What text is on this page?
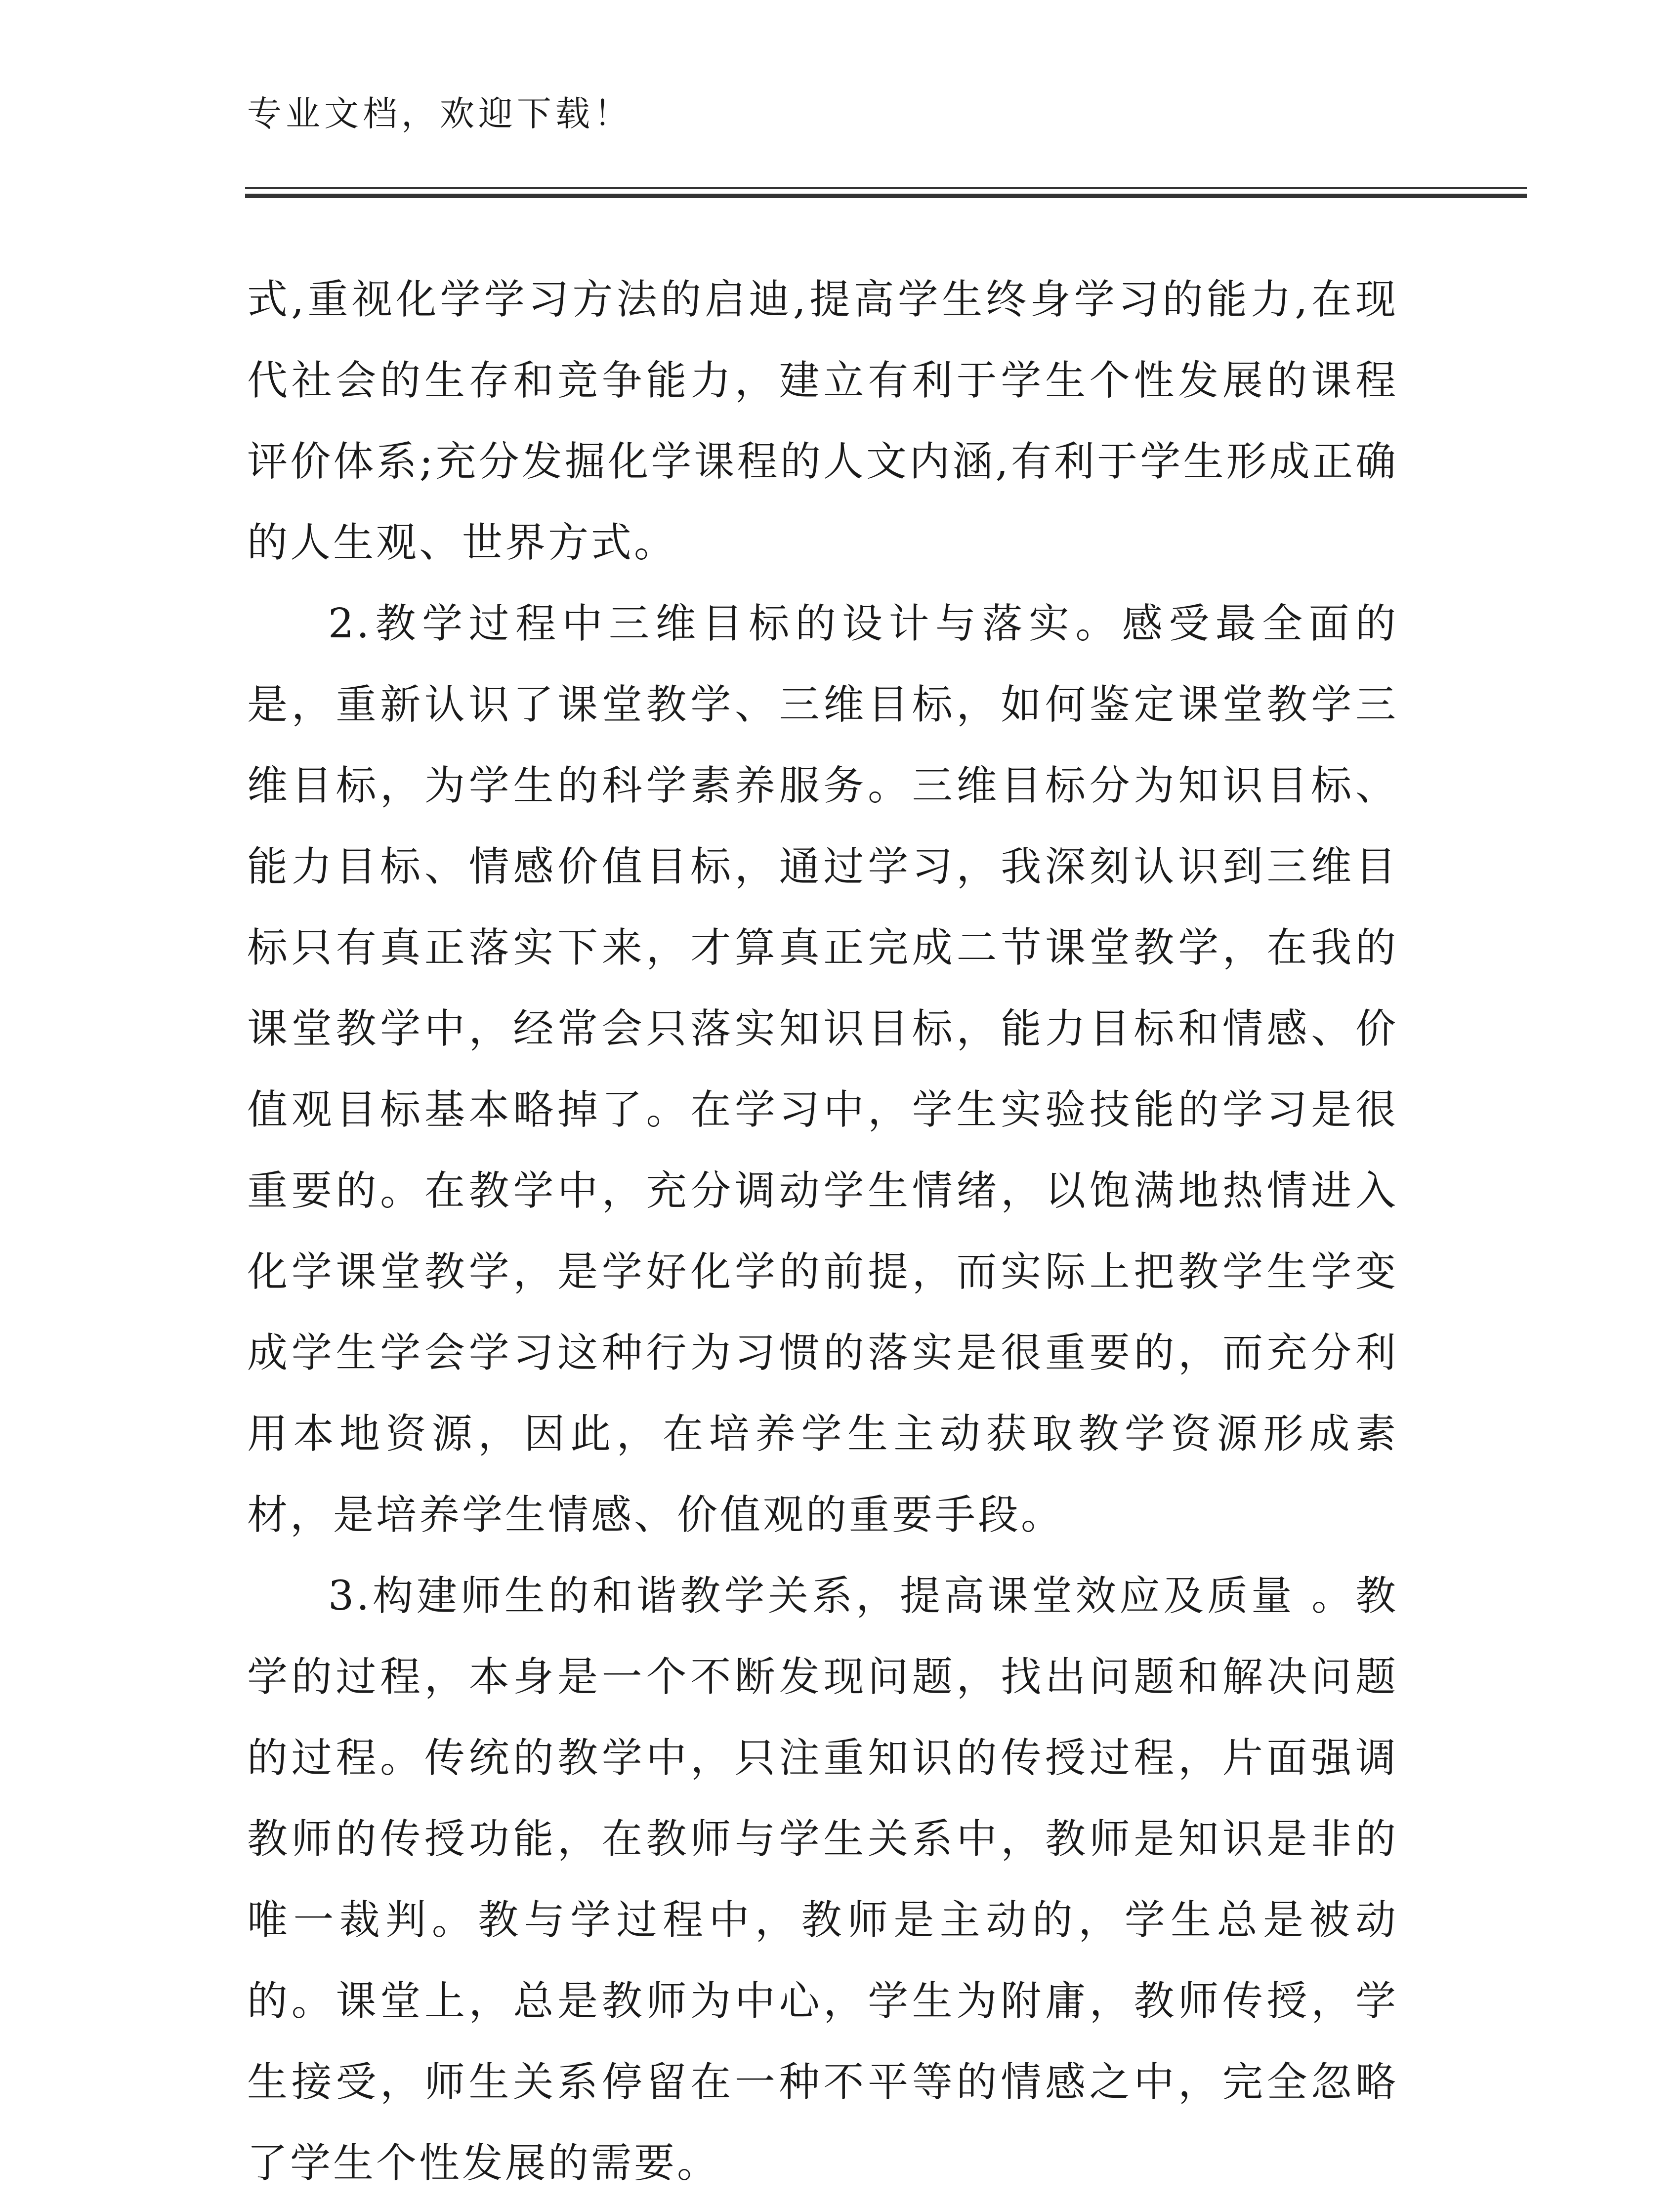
专业文档，欢迎下载！

式,重视化学学习方法的启迪,提高学生终身学习的能力,在现代社会的生存和竞争能力，建立有利于学生个性发展的课程评价体系;充分发掘化学课程的人文内涵,有利于学生形成正确的人生观、世界方式。

2.教学过程中三维目标的设计与落实。感受最全面的是，重新认识了课堂教学、三维目标，如何鉴定课堂教学三维目标，为学生的科学素养服务。三维目标分为知识目标、能力目标、情感价值目标，通过学习，我深刻认识到三维目标只有真正落实下来，才算真正完成二节课堂教学，在我的课堂教学中，经常会只落实知识目标，能力目标和情感、价值观目标基本略掉了。在学习中，学生实验技能的学习是很重要的。在教学中，充分调动学生情绪，以饱满地热情进入化学课堂教学，是学好化学的前提，而实际上把教学生学变成学生学会学习这种行为习惯的落实是很重要的，而充分利用本地资源，因此，在培养学生主动获取教学资源形成素材，是培养学生情感、价值观的重要手段。

3.构建师生的和谐教学关系，提高课堂效应及质量 。教学的过程，本身是一个不断发现问题，找出问题和解决问题的过程。传统的教学中，只注重知识的传授过程，片面强调教师的传授功能，在教师与学生关系中，教师是知识是非的唯一裁判。教与学过程中，教师是主动的，学生总是被动的。课堂上，总是教师为中心，学生为附庸，教师传授，学生接受，师生关系停留在一种不平等的情感之中，完全忽略了学生个性发展的需要。
